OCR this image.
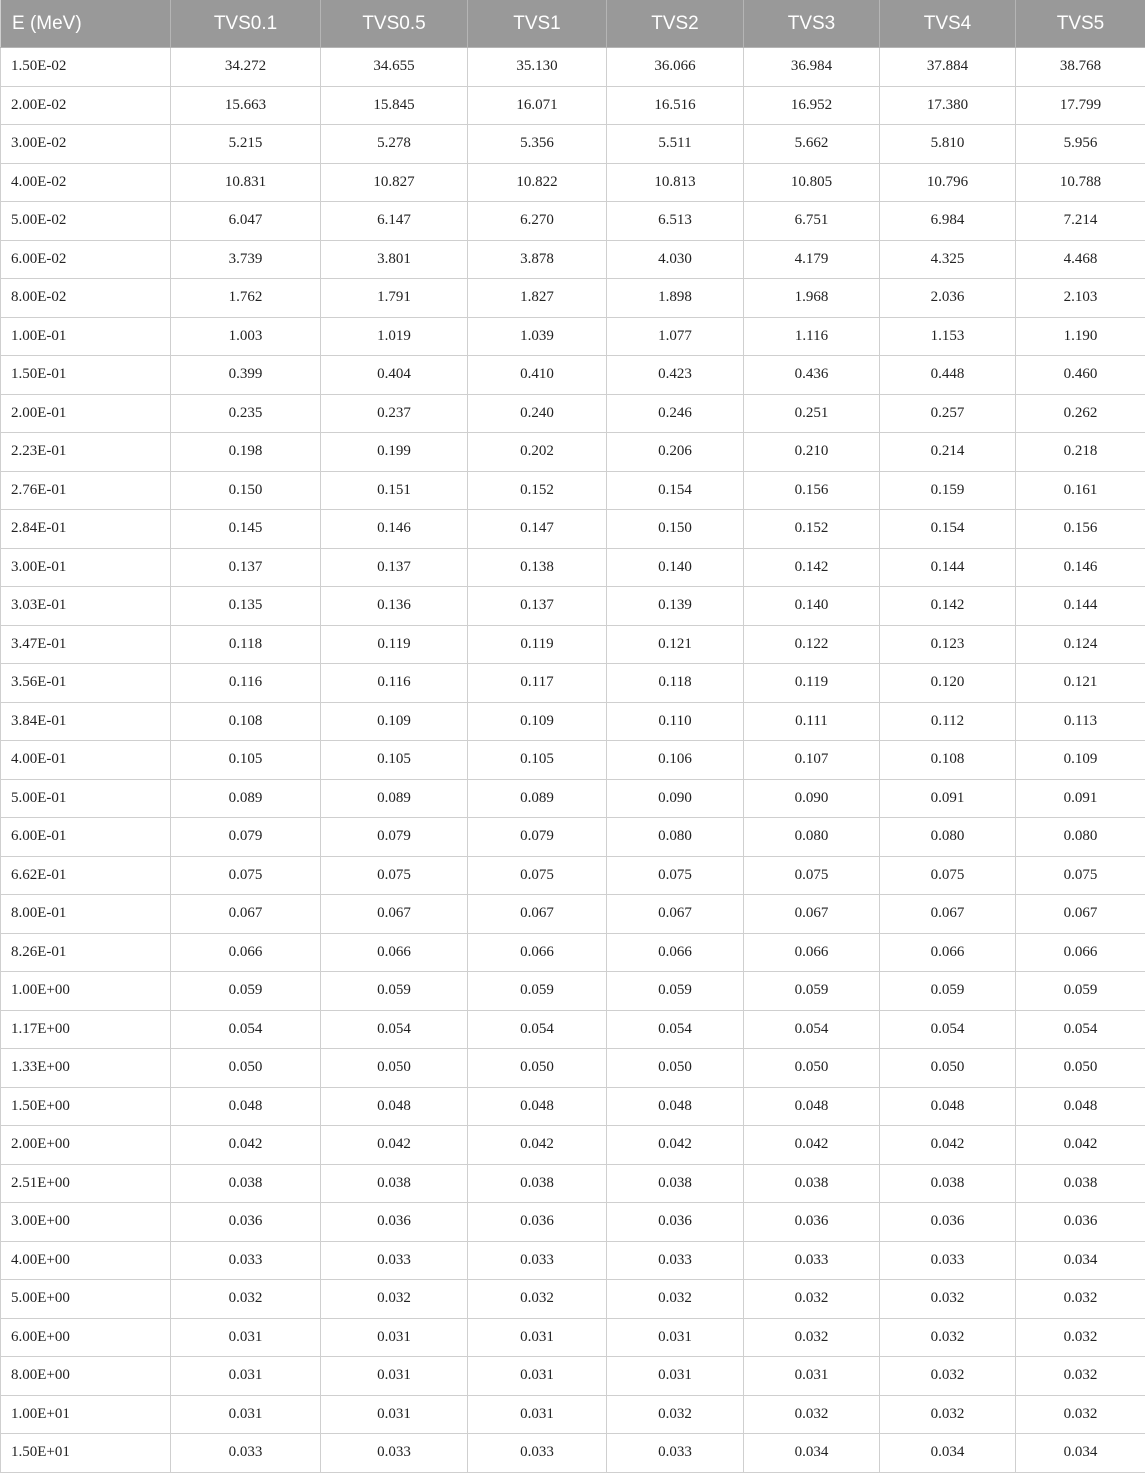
E (MeV)	TVS0.1	TVS0.5	TVS1	TVS2	TVS3	TVS4	TVS5
1.50E-02	34.272	34.655	35.130	36.066	36.984	37.884	38.768
2.00E-02	15.663	15.845	16.071	16.516	16.952	17.380	17.799
3.00E-02	5.215	5.278	5.356	5.511	5.662	5.810	5.956
4.00E-02	10.831	10.827	10.822	10.813	10.805	10.796	10.788
5.00E-02	6.047	6.147	6.270	6.513	6.751	6.984	7.214
6.00E-02	3.739	3.801	3.878	4.030	4.179	4.325	4.468
8.00E-02	1.762	1.791	1.827	1.898	1.968	2.036	2.103
1.00E-01	1.003	1.019	1.039	1.077	1.116	1.153	1.190
1.50E-01	0.399	0.404	0.410	0.423	0.436	0.448	0.460
2.00E-01	0.235	0.237	0.240	0.246	0.251	0.257	0.262
2.23E-01	0.198	0.199	0.202	0.206	0.210	0.214	0.218
2.76E-01	0.150	0.151	0.152	0.154	0.156	0.159	0.161
2.84E-01	0.145	0.146	0.147	0.150	0.152	0.154	0.156
3.00E-01	0.137	0.137	0.138	0.140	0.142	0.144	0.146
3.03E-01	0.135	0.136	0.137	0.139	0.140	0.142	0.144
3.47E-01	0.118	0.119	0.119	0.121	0.122	0.123	0.124
3.56E-01	0.116	0.116	0.117	0.118	0.119	0.120	0.121
3.84E-01	0.108	0.109	0.109	0.110	0.111	0.112	0.113
4.00E-01	0.105	0.105	0.105	0.106	0.107	0.108	0.109
5.00E-01	0.089	0.089	0.089	0.090	0.090	0.091	0.091
6.00E-01	0.079	0.079	0.079	0.080	0.080	0.080	0.080
6.62E-01	0.075	0.075	0.075	0.075	0.075	0.075	0.075
8.00E-01	0.067	0.067	0.067	0.067	0.067	0.067	0.067
8.26E-01	0.066	0.066	0.066	0.066	0.066	0.066	0.066
1.00E+00	0.059	0.059	0.059	0.059	0.059	0.059	0.059
1.17E+00	0.054	0.054	0.054	0.054	0.054	0.054	0.054
1.33E+00	0.050	0.050	0.050	0.050	0.050	0.050	0.050
1.50E+00	0.048	0.048	0.048	0.048	0.048	0.048	0.048
2.00E+00	0.042	0.042	0.042	0.042	0.042	0.042	0.042
2.51E+00	0.038	0.038	0.038	0.038	0.038	0.038	0.038
3.00E+00	0.036	0.036	0.036	0.036	0.036	0.036	0.036
4.00E+00	0.033	0.033	0.033	0.033	0.033	0.033	0.034
5.00E+00	0.032	0.032	0.032	0.032	0.032	0.032	0.032
6.00E+00	0.031	0.031	0.031	0.031	0.032	0.032	0.032
8.00E+00	0.031	0.031	0.031	0.031	0.031	0.032	0.032
1.00E+01	0.031	0.031	0.031	0.032	0.032	0.032	0.032
1.50E+01	0.033	0.033	0.033	0.033	0.034	0.034	0.034
